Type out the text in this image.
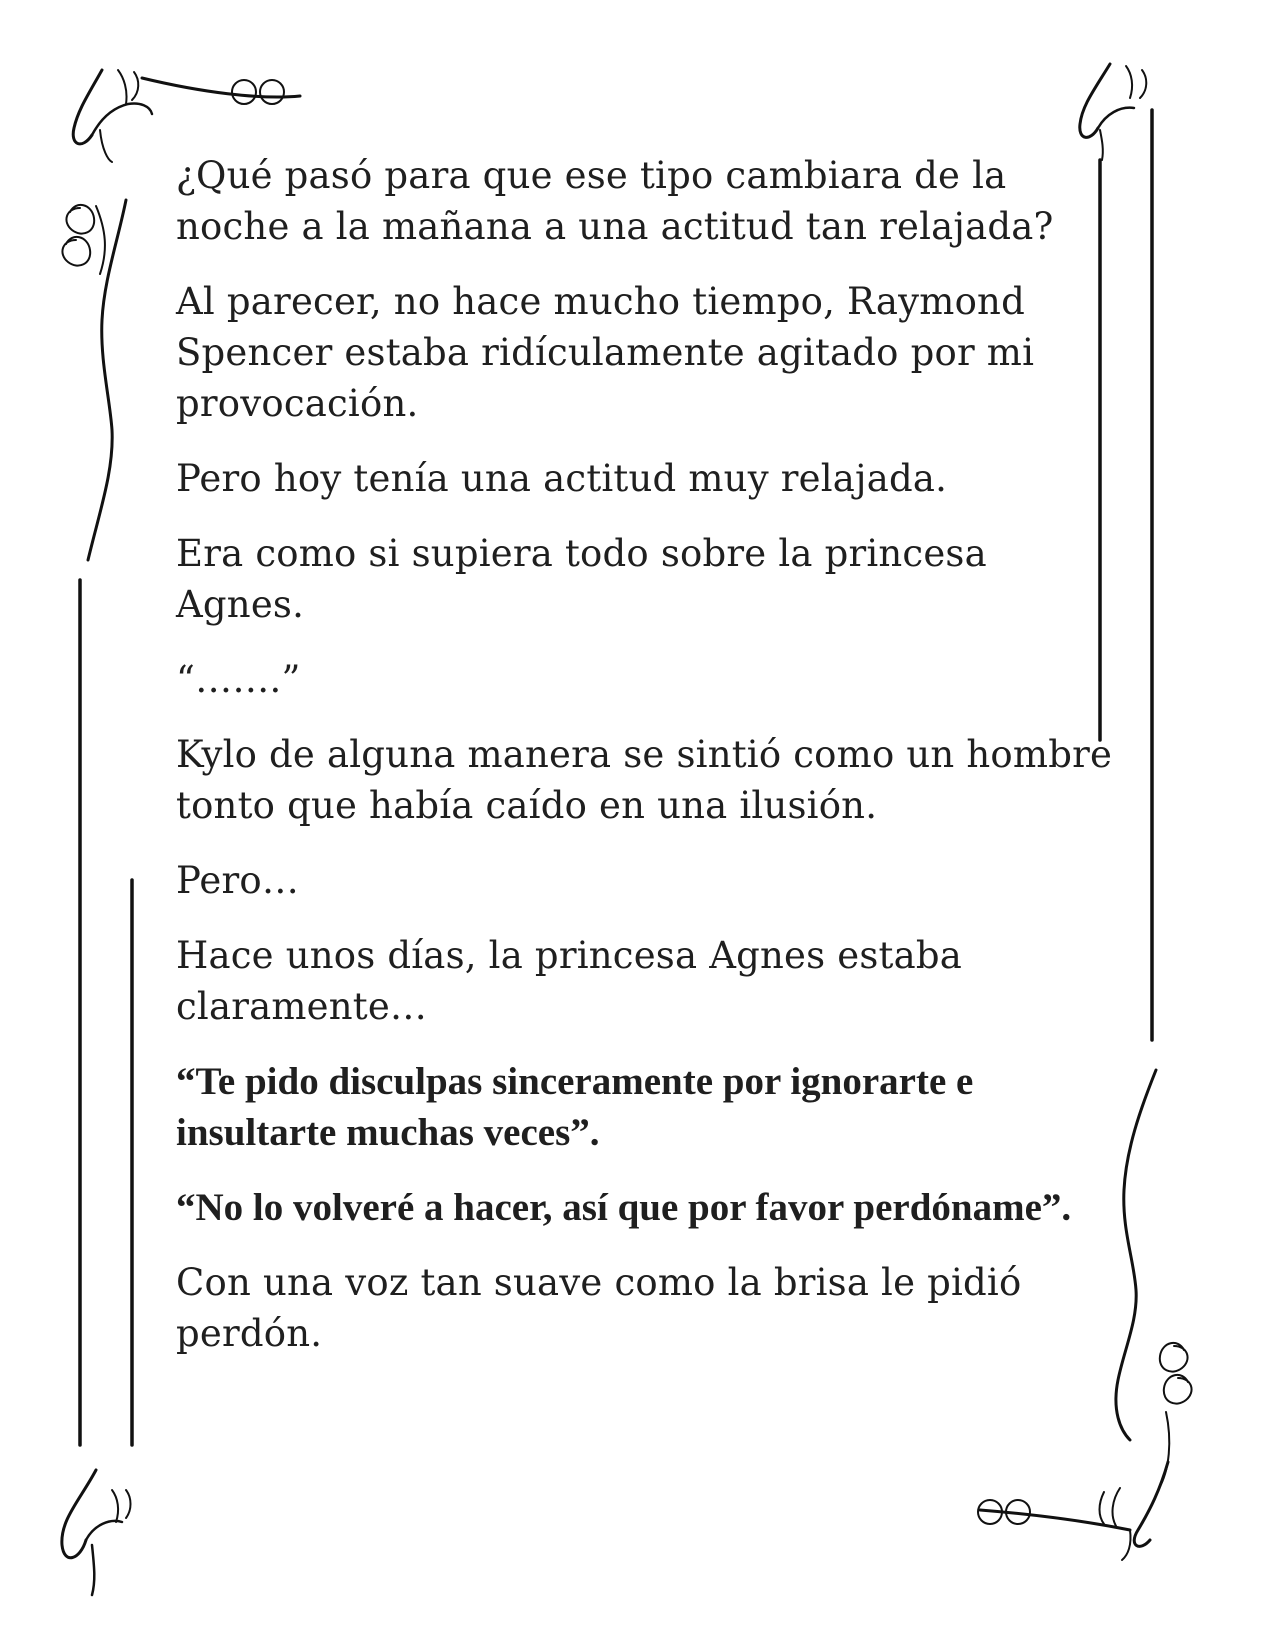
¿Qué pasó para que ese tipo cambiara de la noche a la mañana a una actitud tan relajada?

Al parecer, no hace mucho tiempo, Raymond Spencer estaba ridículamente agitado por mi provocación.

Pero hoy tenía una actitud muy relajada.

Era como si supiera todo sobre la princesa Agnes.

“…….”

Kylo de alguna manera se sintió como un hombre tonto que había caído en una ilusión.

Pero…

Hace unos días, la princesa Agnes estaba claramente…

“Te pido disculpas sinceramente por ignorarte e insultarte muchas veces”.

“No lo volveré a hacer, así que por favor perdóname”.

Con una voz tan suave como la brisa le pidió perdón.
